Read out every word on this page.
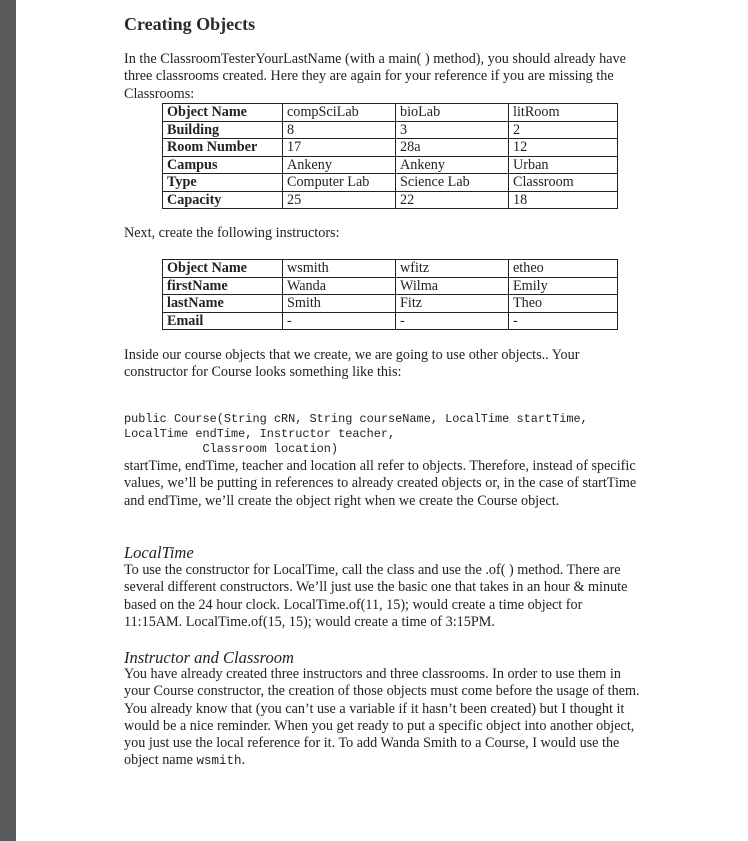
Creating Objects

In the ClassroomTesterYourLastName (with a main( ) method), you should already have three classrooms created. Here they are again for your reference if you are missing the Classrooms:

Object Name	compSciLab	bioLab	litRoom
Building	8	3	2
Room Number	17	28a	12
Campus	Ankeny	Ankeny	Urban
Type	Computer Lab	Science Lab	Classroom
Capacity	25	22	18

Next, create the following instructors:

Object Name	wsmith	wfitz	etheo
firstName	Wanda	Wilma	Emily
lastName	Smith	Fitz	Theo
Email	-	-	-

Inside our course objects that we create, we are going to use other objects.. Your constructor for Course looks something like this:

public Course(String cRN, String courseName, LocalTime startTime,
LocalTime endTime, Instructor teacher,
Classroom location)

startTime, endTime, teacher and location all refer to objects. Therefore, instead of specific values, we’ll be putting in references to already created objects or, in the case of startTime and endTime, we’ll create the object right when we create the Course object.

LocalTime

To use the constructor for LocalTime, call the class and use the .of( ) method. There are several different constructors. We’ll just use the basic one that takes in an hour & minute based on the 24 hour clock. LocalTime.of(11, 15); would create a time object for 11:15AM. LocalTime.of(15, 15); would create a time of 3:15PM.

Instructor and Classroom

You have already created three instructors and three classrooms. In order to use them in your Course constructor, the creation of those objects must come before the usage of them. You already know that (you can’t use a variable if it hasn’t been created) but I thought it would be a nice reminder. When you get ready to put a specific object into another object, you just use the local reference for it. To add Wanda Smith to a Course, I would use the object name wsmith.
